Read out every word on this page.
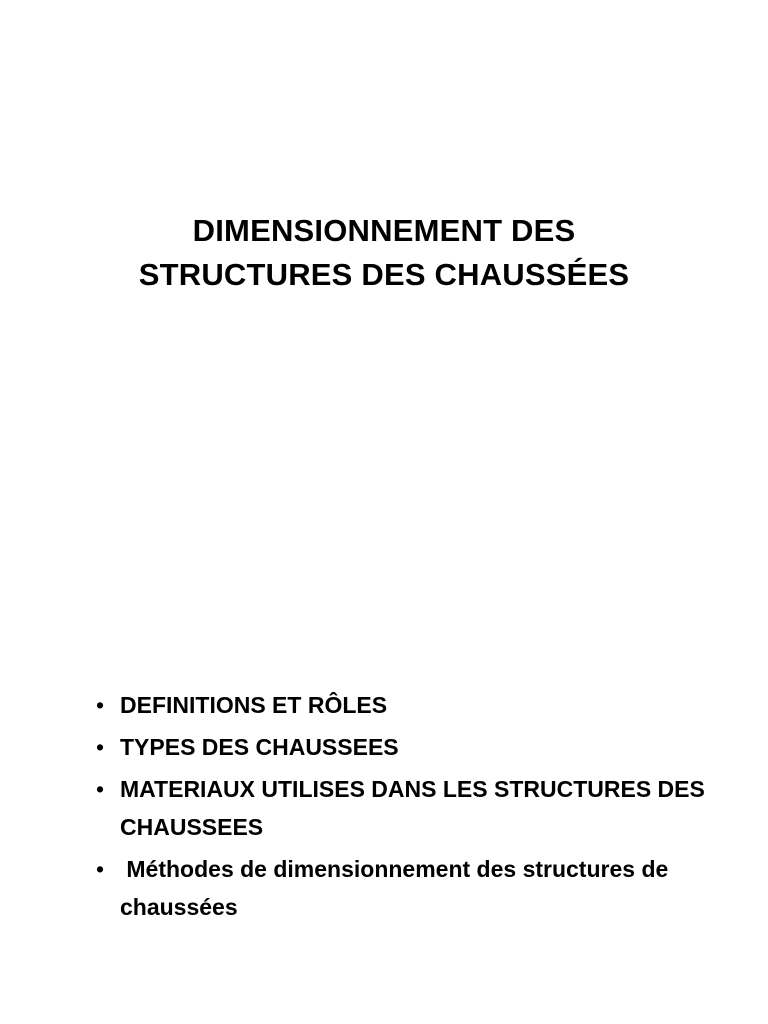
DIMENSIONNEMENT DES
STRUCTURES DES CHAUSSÉES
• DEFINITIONS ET RÔLES
• TYPES DES CHAUSSEES
• MATERIAUX UTILISES DANS LES STRUCTURES DES CHAUSSEES
• Méthodes de dimensionnement des structures de chaussées
